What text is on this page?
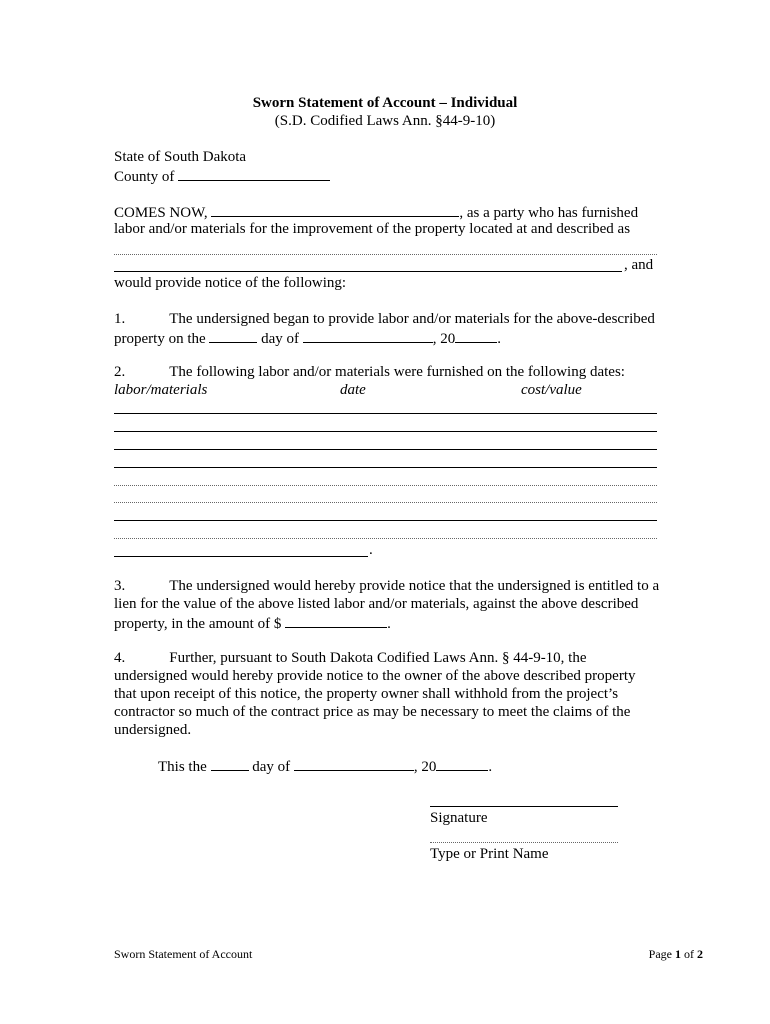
Sworn Statement of Account – Individual
(S.D. Codified Laws Ann. §44-9-10)
State of South Dakota
County of
COMES NOW,	, as a party who has furnished
labor and/or materials for the improvement of the property located at and described as
, and
would provide notice of the following:
1.	The undersigned began to provide labor and/or materials for the above-described
property on the	day of	, 20	.
2.	The following labor and/or materials were furnished on the following dates:
labor/materials	date	cost/value
.
3.	The undersigned would hereby provide notice that the undersigned is entitled to a
lien for the value of the above listed labor and/or materials, against the above described
property, in the amount of $	.
4.	Further, pursuant to South Dakota Codified Laws Ann. § 44-9-10, the
undersigned would hereby provide notice to the owner of the above described property
that upon receipt of this notice, the property owner shall withhold from the project’s
contractor so much of the contract price as may be necessary to meet the claims of the
undersigned.
This the	day of	, 20	.
Signature
Type or Print Name
Sworn Statement of Account	Page 1 of 2
